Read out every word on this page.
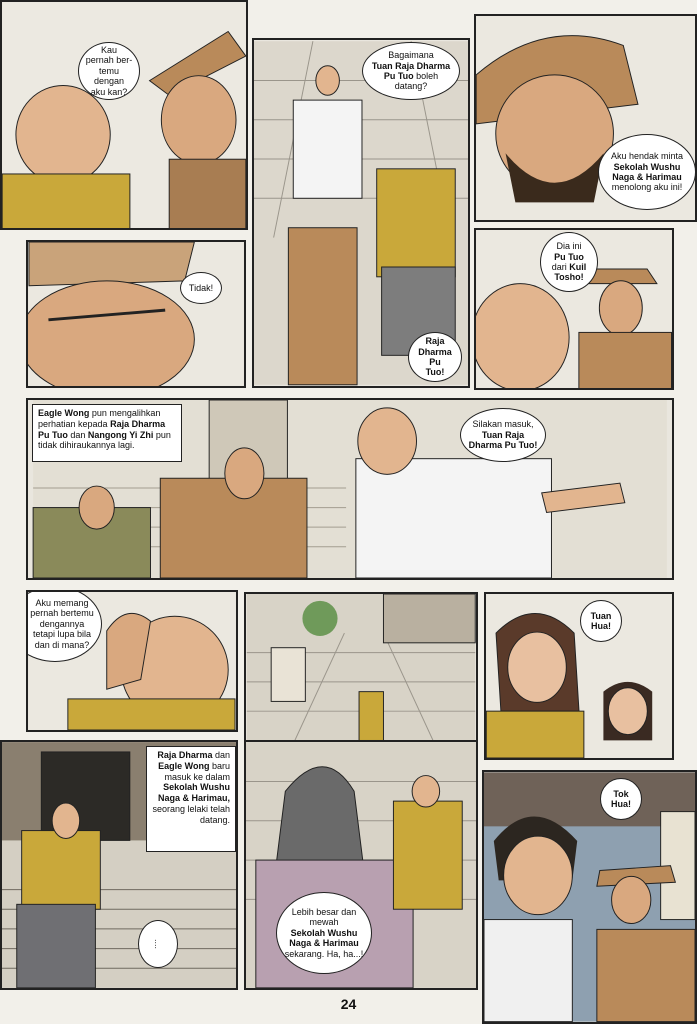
Kau
pernah ber-
temu dengan
aku kan?
Bagaimana
Tuan Raja Dharma
Pu Tuo boleh datang?
Raja
Dharma Pu
Tuo!
Aku hendak minta
Sekolah Wushu
Naga & Harimau
menolong aku ini!
Tidak!
Dia ini
Pu Tuo
dari Kuil Tosho!
Eagle Wong pun mengalihkan perhatian kepada Raja Dharma Pu Tuo dan Nangong Yi Zhi pun tidak dihiraukannya lagi.
Silakan masuk,
Tuan Raja Dharma Pu Tuo!
Aku memang pernah bertemu dengannya tetapi lupa bila dan di mana?
Tuan Hua!
Raja Dharma dan Eagle Wong baru masuk ke dalam Sekolah Wushu Naga & Harimau, seorang lelaki telah datang.
....
Lebih besar dan mewah
Sekolah Wushu Naga & Harimau
sekarang. Ha, ha...!
Tok Hua!
24
